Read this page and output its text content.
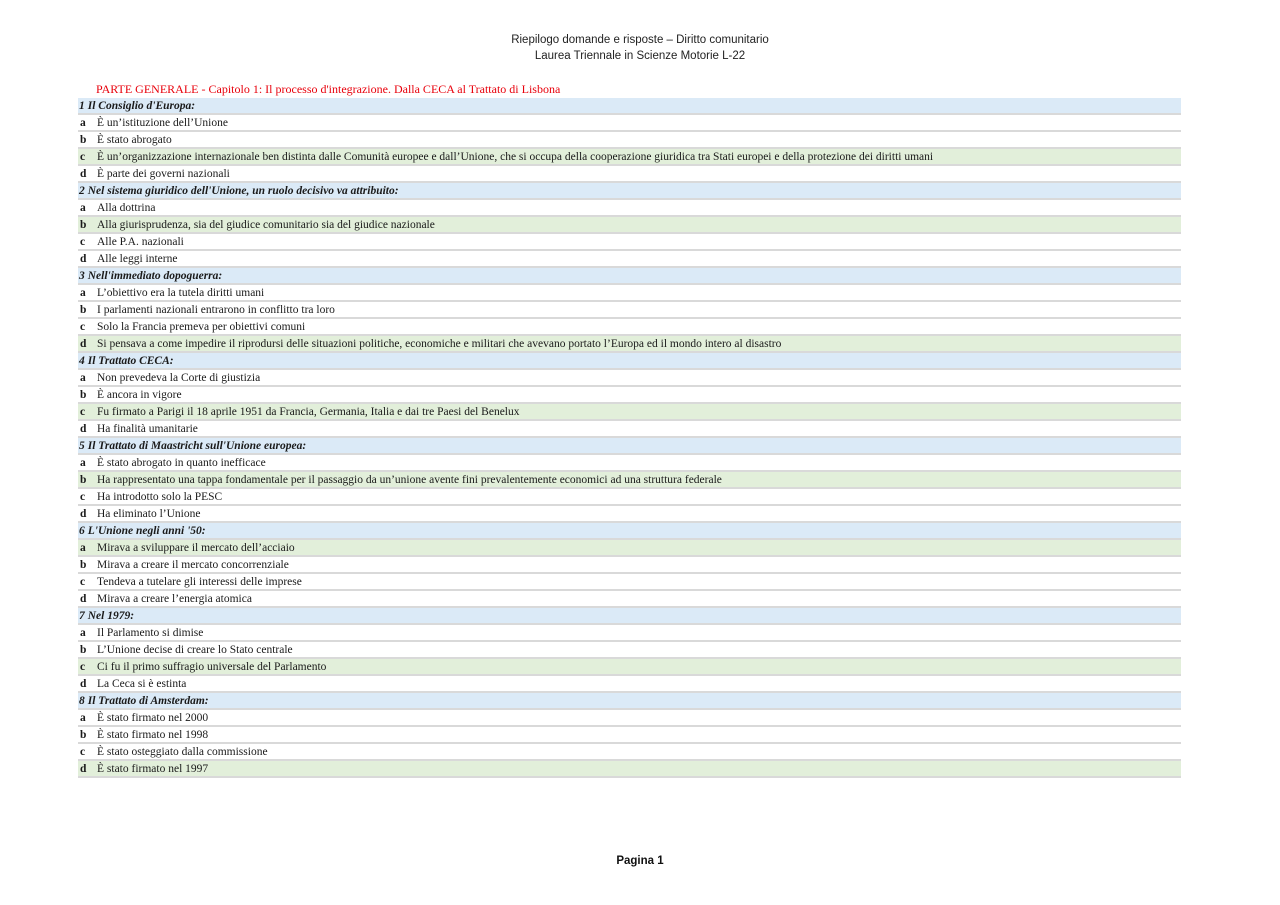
Riepilogo domande e risposte – Diritto comunitario
Laurea Triennale in Scienze Motorie L-22
PARTE GENERALE - Capitolo 1: Il processo d'integrazione. Dalla CECA al Trattato di Lisbona
1 Il Consiglio d'Europa:
a È un’istituzione dell’Unione
b È stato abrogato
c	È un’organizzazione internazionale ben distinta dalle Comunità europee e dall’Unione, che si occupa della cooperazione giuridica tra Stati europei e della protezione dei diritti umani
d È parte dei governi nazionali
2 Nel sistema giuridico dell'Unione, un ruolo decisivo va attribuito:
a Alla dottrina
b Alla giurisprudenza, sia del giudice comunitario sia del giudice nazionale
c	Alle P.A. nazionali
d Alle leggi interne
3 Nell'immediato dopoguerra:
a L’obiettivo era la tutela diritti umani
b I parlamenti nazionali entrarono in conflitto tra loro
c	Solo la Francia premeva per obiettivi comuni
d Si pensava a come impedire il riprodursi delle situazioni politiche, economiche e militari che avevano portato l’Europa ed il mondo intero al disastro
4 Il Trattato CECA:
a Non prevedeva la Corte di giustizia
b È ancora in vigore
c	Fu firmato a Parigi il 18 aprile 1951 da Francia, Germania, Italia e dai tre Paesi del Benelux
d Ha finalità umanitarie
5 Il Trattato di Maastricht sull'Unione europea:
a È stato abrogato in quanto inefficace
b Ha rappresentato una tappa fondamentale per il passaggio da un’unione avente fini prevalentemente economici ad una struttura federale
c	Ha introdotto solo la PESC
d Ha eliminato l’Unione
6 L'Unione negli anni '50:
a Mirava a sviluppare il mercato dell’acciaio
b Mirava a creare il mercato concorrenziale
c	Tendeva a tutelare gli interessi delle imprese
d Mirava a creare l’energia atomica
7 Nel 1979:
a Il Parlamento si dimise
b L’Unione decise di creare lo Stato centrale
c	Ci fu il primo suffragio universale del Parlamento
d La Ceca si è estinta
8 Il Trattato di Amsterdam:
a È stato firmato nel 2000
b È stato firmato nel 1998
c	È stato osteggiato dalla commissione
d È stato firmato nel 1997
Pagina 1
